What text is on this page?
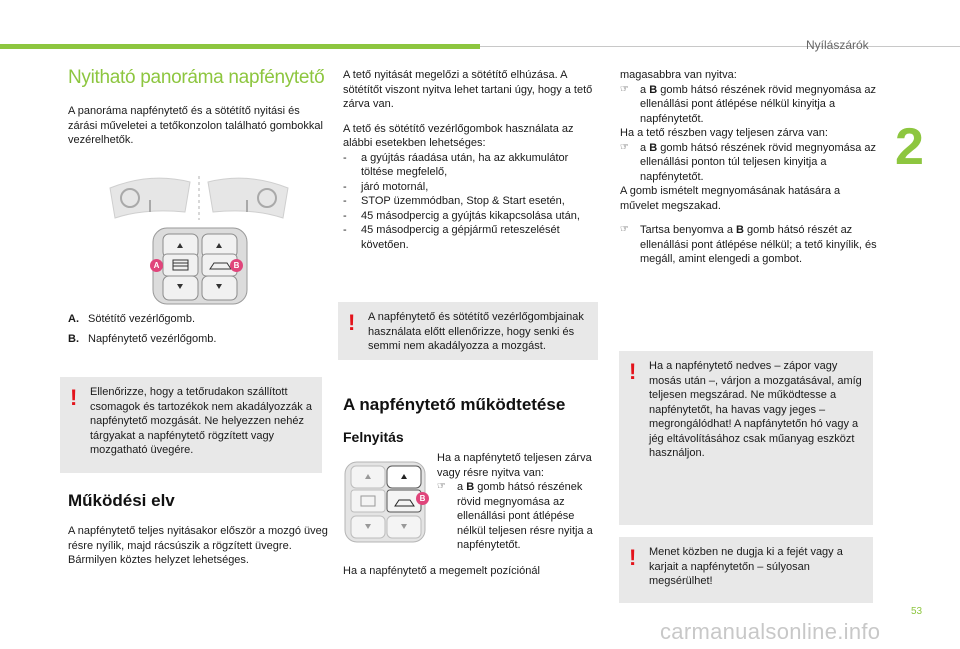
Nyílászárók
2
53
carmanualsonline.info
Nyitható panoráma napfénytető

A panoráma napfénytető és a sötétítő nyitási és zárási műveletei a tetőkonzolon található gombokkal vezérelhetők.

A	B
A. Sötétítő vezérlőgomb.
B. Napfénytető vezérlőgomb.
! Ellenőrizze, hogy a tetőrudakon szállított csomagok és tartozékok nem akadályozzák a napfénytető mozgását. Ne helyezzen nehéz tárgyakat a napfénytető rögzített vagy mozgatható üvegére.
Működési elv

A napfénytető teljes nyitásakor először a mozgó üveg résre nyílik, majd rácsúszik a rögzített üvegre.

Bármilyen köztes helyzet lehetséges.

A tető nyitását megelőzi a sötétítő elhúzása. A sötétítőt viszont nyitva lehet tartani úgy, hogy a tető zárva van.

A tető és sötétítő vezérlőgombok használata az alábbi esetekben lehetséges:

- a gyújtás ráadása után, ha az akkumulátor töltése megfelelő,
- járó motornál,
- STOP üzemmódban, Stop & Start esetén,
- 45 másodpercig a gyújtás kikapcsolása után,
- 45 másodpercig a gépjármű reteszelését követően.
! A napfénytető és sötétítő vezérlőgombjainak használata előtt ellenőrizze, hogy senki és semmi nem akadályozza a mozgást.
A napfénytető működtetése
Felnyitás
B

Ha a napfénytető teljesen zárva vagy résre nyitva van:

☞ a B gomb hátsó részének rövid megnyomása az ellenállási pont átlépése nélkül teljesen résre nyitja a napfénytetőt.
Ha a napfénytető a megemelt pozíciónál

magasabbra van nyitva:

☞ a B gomb hátsó részének rövid megnyomása az ellenállási pont átlépése nélkül kinyitja a napfénytetőt.

Ha a tető részben vagy teljesen zárva van:

☞ a B gomb hátsó részének rövid megnyomása az ellenállási ponton túl teljesen kinyitja a napfénytetőt.

A gomb ismételt megnyomásának hatására a művelet megszakad.

☞ Tartsa benyomva a B gomb hátsó részét az ellenállási pont átlépése nélkül; a tető kinyílik, és megáll, amint elengedi a gombot.
! Ha a napfénytető nedves – zápor vagy mosás után –, várjon a mozgatásával, amíg teljesen megszárad. Ne működtesse a napfénytetőt, ha havas vagy jeges – megrongálódhat! A napfánytetőn hó vagy a jég eltávolításához csak műanyag eszközt használjon.
! Menet közben ne dugja ki a fejét vagy a karjait a napfénytetőn – súlyosan megsérülhet!
